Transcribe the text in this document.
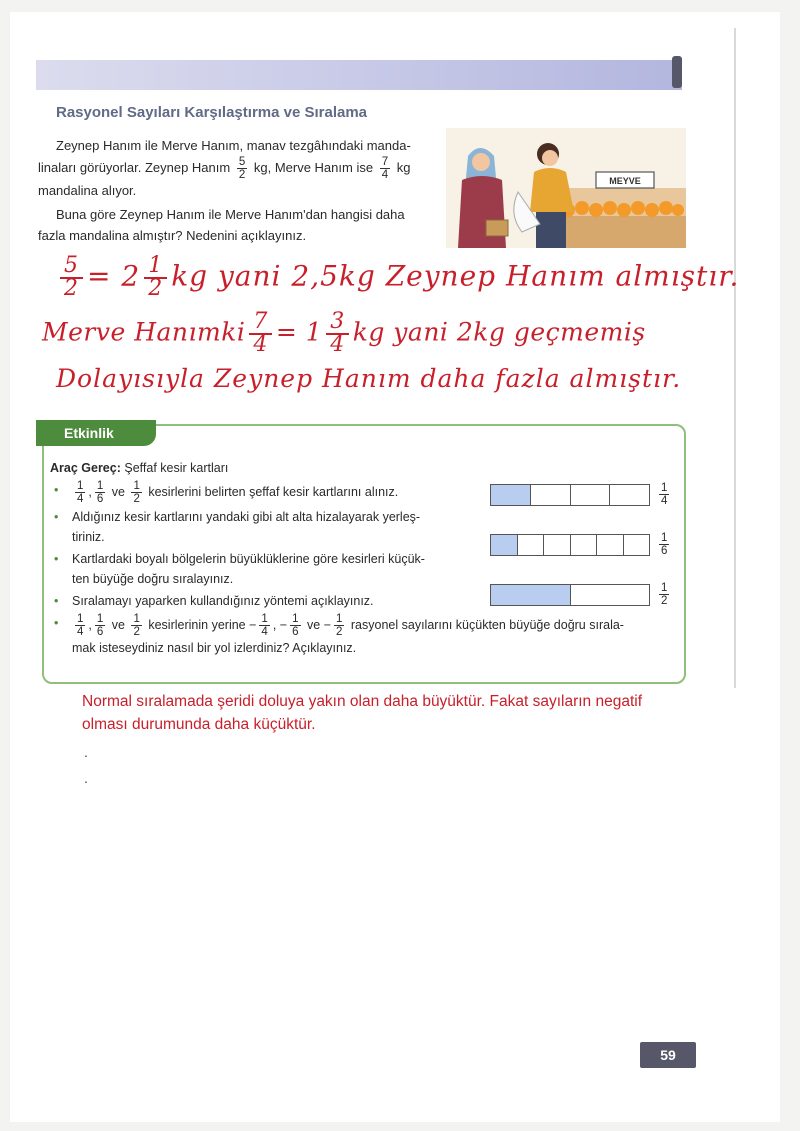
Rasyonel Sayıları Karşılaştırma ve Sıralama

Zeynep Hanım ile Merve Hanım, manav tezgâhındaki manda-
linaları görüyorlar. Zeynep Hanım $\frac{5}{2}$ kg, Merve Hanım ise $\frac{7}{4}$ kg
mandalina alıyor.

Buna göre Zeynep Hanım ile Merve Hanım'dan hangisi daha
fazla mandalina almıştır? Nedenini açıklayınız.

MEYVE
$\frac{5}{2} = 2 \frac{1}{2}$ kg yani 2,5kg Zeynep Hanım almıştır.
Merve Hanımki $\frac{7}{4} = 1 \frac{3}{4}$ kg yani 2kg geçmemiş
Dolayısıyla Zeynep Hanım daha fazla almıştır.
Etkinlik
Araç Gereç: Şeffaf kesir kartları
• $\frac{1}{4}$ , $\frac{1}{6}$ ve $\frac{1}{2}$ kesirlerini belirten şeffaf kesir kartlarını alınız.
• Aldığınız kesir kartlarını yandaki gibi alt alta hizalayarak yerleş-
tiriniz.
• Kartlardaki boyalı bölgelerin büyüklüklerine göre kesirleri küçük-
ten büyüğe doğru sıralayınız.
• Sıralamayı yaparken kullandığınız yöntemi açıklayınız.
• $\frac{1}{4}$ , $\frac{1}{6}$ ve $\frac{1}{2}$ kesirlerinin yerine − $\frac{1}{4}$ , − $\frac{1}{6}$ ve − $\frac{1}{2}$ rasyonel sayılarını küçükten büyüğe doğru sırala-
mak isteseydiniz nasıl bir yol izlerdiniz? Açıklayınız.
$\frac{1}{4}$
$\frac{1}{6}$
$\frac{1}{2}$
Normal sıralamada şeridi doluya yakın olan daha büyüktür. Fakat sayıların negatif
olması durumunda daha küçüktür.
.
.
59
